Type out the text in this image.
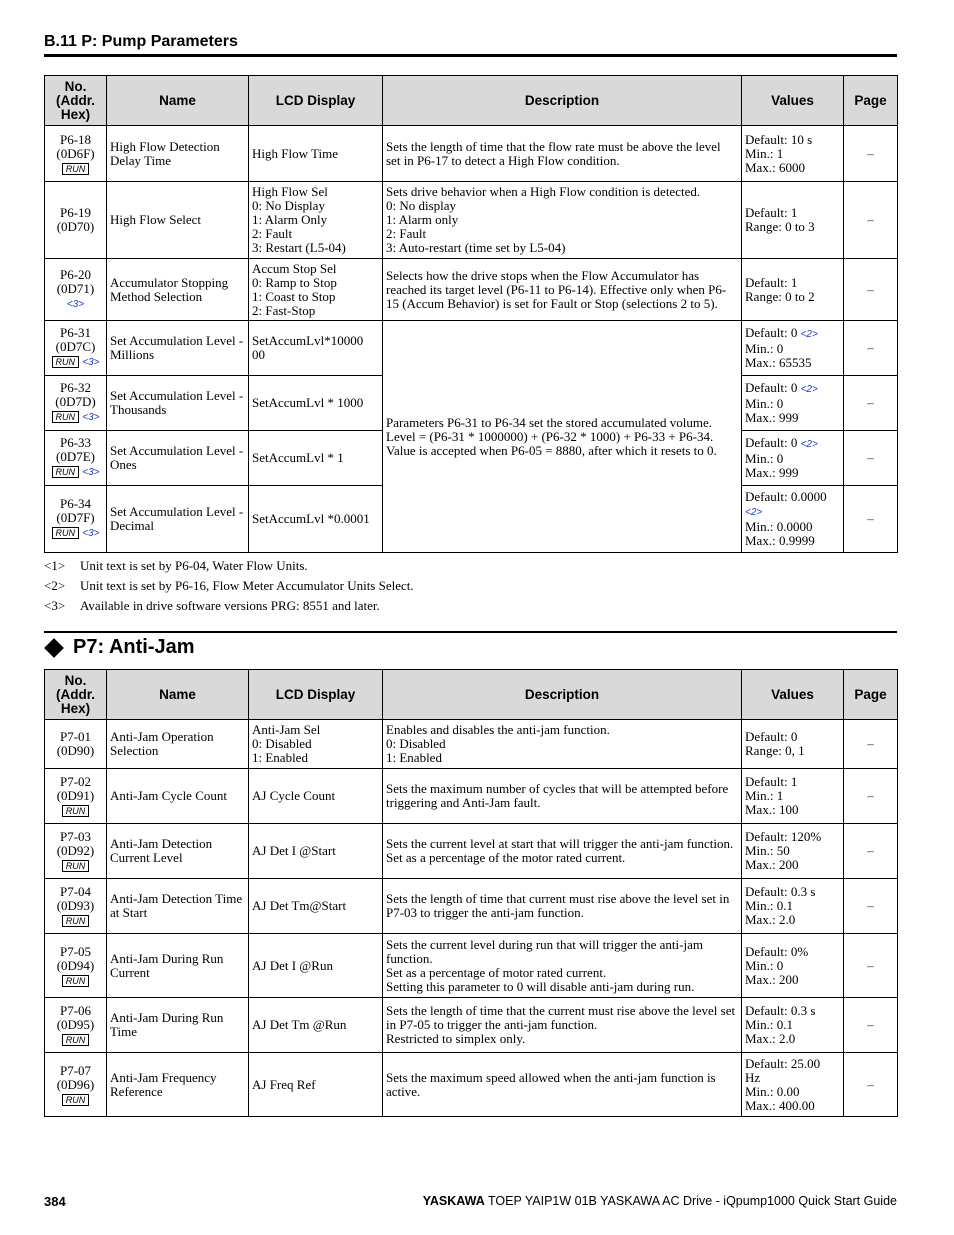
B.11 P: Pump Parameters
No.
(Addr.
Hex)	Name	LCD Display	Description	Values	Page

P6-18
(0D6F)
RUN	High Flow Detection Delay Time	High Flow Time	Sets the length of time that the flow rate must be above the level set in P6-17 to detect a High Flow condition.	Default: 10 s
Min.: 1
Max.: 6000	–

P6-19
(0D70)	High Flow Select	High Flow Sel
0: No Display
1: Alarm Only
2: Fault
3: Restart (L5-04)	Sets drive behavior when a High Flow condition is detected.
0: No display
1: Alarm only
2: Fault
3: Auto-restart (time set by L5-04)	Default: 1
Range: 0 to 3	–

P6-20
(0D71)
<3>	Accumulator Stopping Method Selection	Accum Stop Sel
0: Ramp to Stop
1: Coast to Stop
2: Fast-Stop	Selects how the drive stops when the Flow Accumulator has reached its target level (P6-11 to P6-14). Effective only when P6-15 (Accum Behavior) is set for Fault or Stop (selections 2 to 5).	Default: 1
Range: 0 to 2	–

P6-31
(0D7C)
RUN <3>	Set Accumulation Level - Millions	SetAccumLvl*10000
00	Parameters P6-31 to P6-34 set the stored accumulated volume.
Level = (P6-31 * 1000000) + (P6-32 * 1000) + P6-33 + P6-34.
Value is accepted when P6-05 = 8880, after which it resets to 0.	Default: 0 <2>

Min.: 0
Max.: 65535	–

P6-32
(0D7D)
RUN <3>	Set Accumulation Level - Thousands	SetAccumLvl * 1000		Default: 0 <2>

Min.: 0
Max.: 999	–

P6-33
(0D7E)
RUN <3>	Set Accumulation Level - Ones	SetAccumLvl * 1		Default: 0 <2>

Min.: 0
Max.: 999	–

P6-34
(0D7F)
RUN <3>	Set Accumulation Level - Decimal	SetAccumLvl *0.0001		Default: 0.0000
<2>
Min.: 0.0000
Max.: 0.9999	–
<1> Unit text is set by P6-04, Water Flow Units.
<2> Unit text is set by P6-16, Flow Meter Accumulator Units Select.
<3> Available in drive software versions PRG: 8551 and later.
P7: Anti-Jam
No.
(Addr.
Hex)	Name	LCD Display	Description	Values	Page

P7-01
(0D90)	Anti-Jam Operation Selection	Anti-Jam Sel
0: Disabled
1: Enabled	Enables and disables the anti-jam function.
0: Disabled
1: Enabled	Default: 0
Range: 0, 1	–

P7-02
(0D91)
RUN	Anti-Jam Cycle Count	AJ Cycle Count	Sets the maximum number of cycles that will be attempted before triggering and Anti-Jam fault.	Default: 1
Min.: 1
Max.: 100	–

P7-03
(0D92)
RUN	Anti-Jam Detection Current Level	AJ Det I @Start	Sets the current level at start that will trigger the anti-jam function.
Set as a percentage of the motor rated current.	Default: 120%
Min.: 50
Max.: 200	–

P7-04
(0D93)
RUN	Anti-Jam Detection Time at Start	AJ Det Tm@Start	Sets the length of time that current must rise above the level set in P7-03 to trigger the anti-jam function.	Default: 0.3 s
Min.: 0.1
Max.: 2.0	–

P7-05
(0D94)
RUN	Anti-Jam During Run Current	AJ Det I @Run	Sets the current level during run that will trigger the anti-jam function.
Set as a percentage of motor rated current.
Setting this parameter to 0 will disable anti-jam during run.	Default: 0%
Min.: 0
Max.: 200	–

P7-06
(0D95)
RUN	Anti-Jam During Run Time	AJ Det Tm @Run	Sets the length of time that the current must rise above the level set in P7-05 to trigger the anti-jam function.
Restricted to simplex only.	Default: 0.3 s
Min.: 0.1
Max.: 2.0	–

P7-07
(0D96)
RUN	Anti-Jam Frequency Reference	AJ Freq Ref	Sets the maximum speed allowed when the anti-jam function is active.	Default: 25.00
Hz
Min.: 0.00
Max.: 400.00	–
384	YASKAWA TOEP YAIP1W 01B YASKAWA AC Drive - iQpump1000 Quick Start Guide
